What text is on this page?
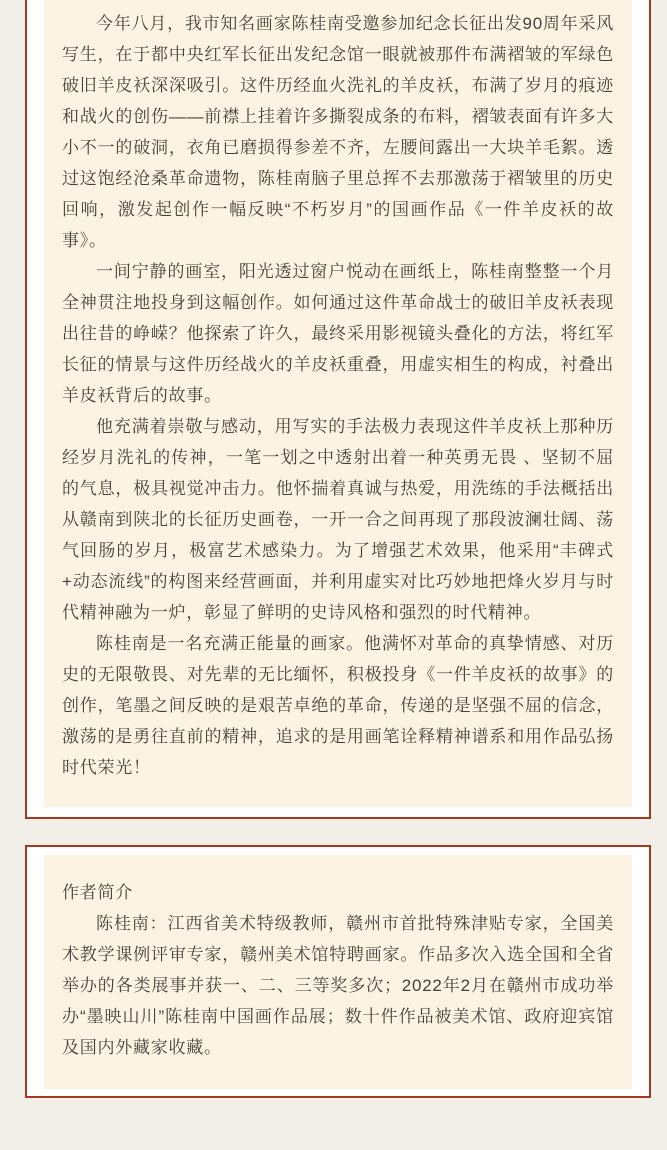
今年八月，我市知名画家陈桂南受邀参加纪念长征出发90周年采风写生，在于都中央红军长征出发纪念馆一眼就被那件布满褶皱的军绿色破旧羊皮袄深深吸引。这件历经血火洗礼的羊皮袄，布满了岁月的痕迹和战火的创伤——前襟上挂着许多撕裂成条的布料，褶皱表面有许多大小不一的破洞，衣角已磨损得参差不齐，左腰间露出一大块羊毛絮。透过这饱经沧桑革命遗物，陈桂南脑子里总挥不去那激荡于褶皱里的历史回响，激发起创作一幅反映“不朽岁月”的国画作品《一件羊皮袄的故事》。

一间宁静的画室，阳光透过窗户悦动在画纸上，陈桂南整整一个月全神贯注地投身到这幅创作。如何通过这件革命战士的破旧羊皮袄表现出往昔的峥嵘？他探索了许久，最终采用影视镜头叠化的方法，将红军长征的情景与这件历经战火的羊皮袄重叠，用虚实相生的构成，衬叠出羊皮袄背后的故事。

他充满着崇敬与感动，用写实的手法极力表现这件羊皮袄上那种历经岁月洗礼的传神，一笔一划之中透射出着一种英勇无畏 、坚韧不屈的气息，极具视觉冲击力。他怀揣着真诚与热爱，用洗练的手法概括出从赣南到陕北的长征历史画卷，一开一合之间再现了那段波澜壮阔、荡气回肠的岁月，极富艺术感染力。为了增强艺术效果，他采用“丰碑式+动态流线”的构图来经营画面，并利用虚实对比巧妙地把烽火岁月与时代精神融为一炉，彰显了鲜明的史诗风格和强烈的时代精神。

陈桂南是一名充满正能量的画家。他满怀对革命的真挚情感、对历史的无限敬畏、对先辈的无比缅怀，积极投身《一件羊皮袄的故事》的创作，笔墨之间反映的是艰苦卓绝的革命，传递的是坚强不屈的信念，激荡的是勇往直前的精神，追求的是用画笔诠释精神谱系和用作品弘扬时代荣光！

作者简介

陈桂南：江西省美术特级教师，赣州市首批特殊津贴专家，全国美术教学课例评审专家，赣州美术馆特聘画家。作品多次入选全国和全省举办的各类展事并获一、二、三等奖多次；2022年2月在赣州市成功举办“墨映山川”陈桂南中国画作品展；数十件作品被美术馆、政府迎宾馆及国内外藏家收藏。
